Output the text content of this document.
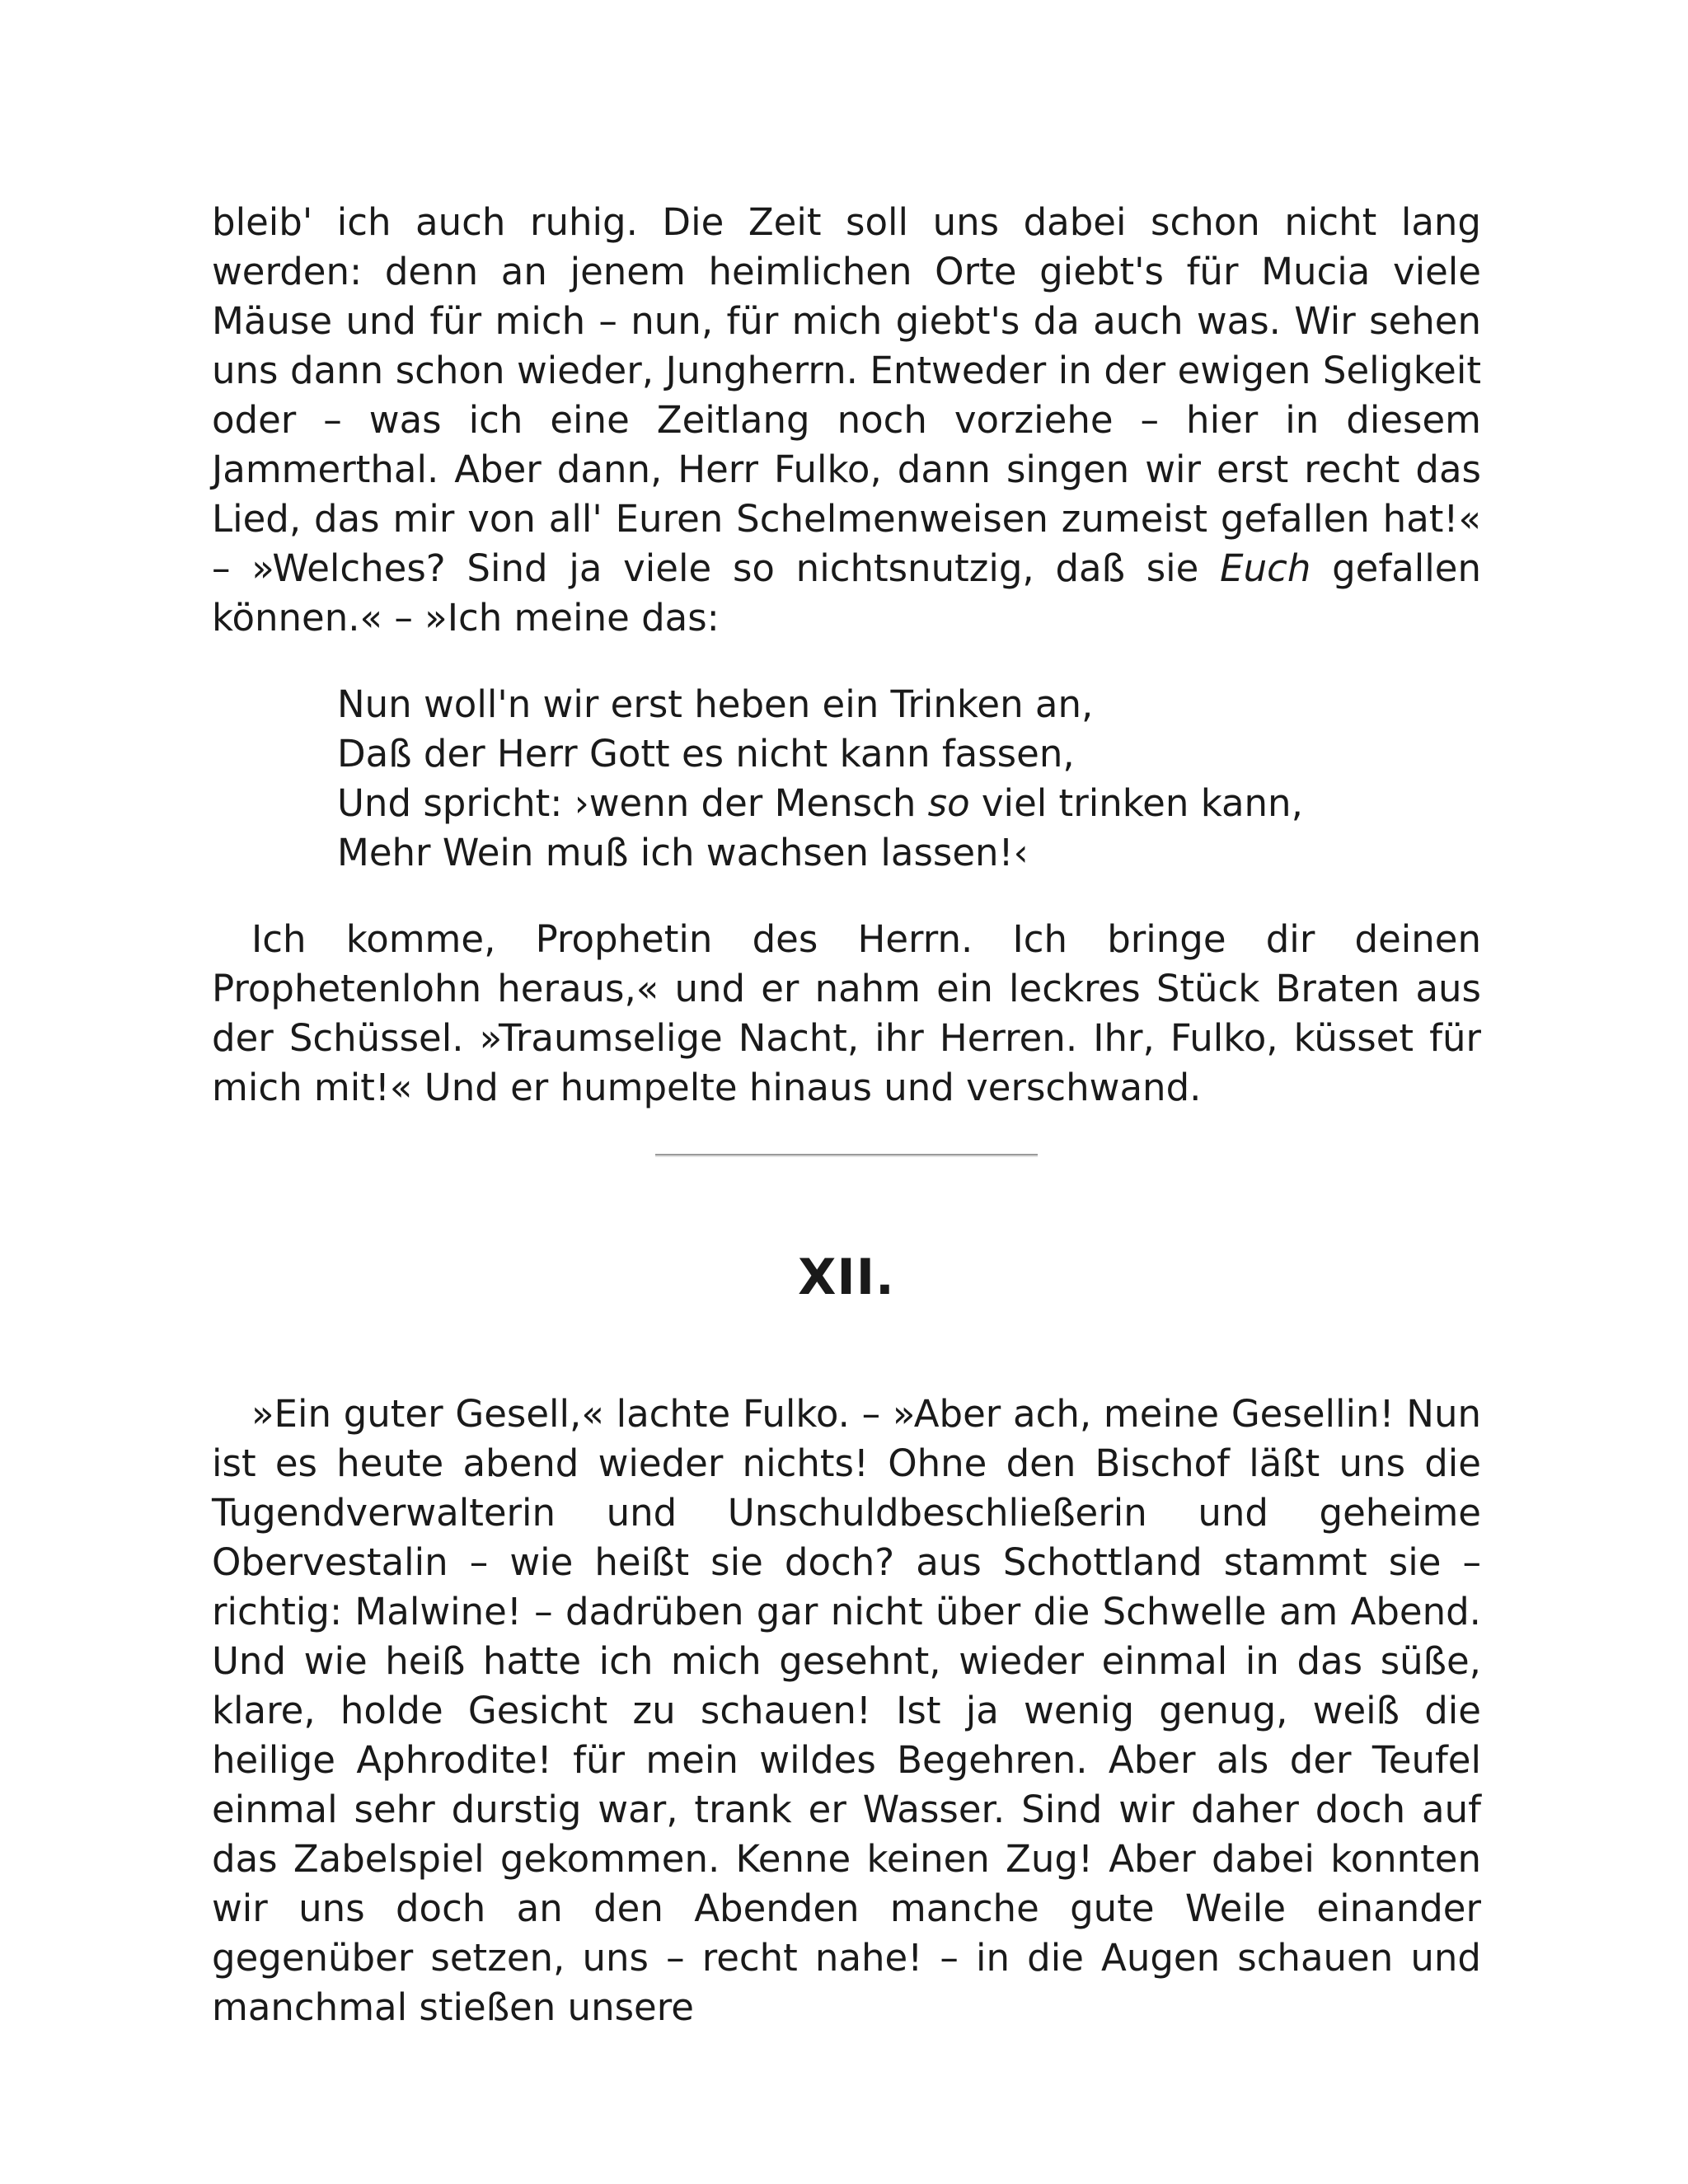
bleib' ich auch ruhig. Die Zeit soll uns dabei schon nicht lang werden: denn an jenem heimlichen Orte giebt's für Mucia viele Mäuse und für mich – nun, für mich giebt's da auch was. Wir sehen uns dann schon wieder, Jungherrn. Entweder in der ewigen Seligkeit oder – was ich eine Zeitlang noch vorziehe – hier in diesem Jammerthal. Aber dann, Herr Fulko, dann singen wir erst recht das Lied, das mir von all' Euren Schelmenweisen zumeist gefallen hat!« – »Welches? Sind ja viele so nichtsnutzig, daß sie Euch gefallen können.« – »Ich meine das:

Nun woll'n wir erst heben ein Trinken an,
Daß der Herr Gott es nicht kann fassen,
Und spricht: ›wenn der Mensch so viel trinken kann,
Mehr Wein muß ich wachsen lassen!‹

Ich komme, Prophetin des Herrn. Ich bringe dir deinen Prophetenlohn heraus,« und er nahm ein leckres Stück Braten aus der Schüssel. »Traumselige Nacht, ihr Herren. Ihr, Fulko, küsset für mich mit!« Und er humpelte hinaus und verschwand.

XII.

»Ein guter Gesell,« lachte Fulko. – »Aber ach, meine Gesellin! Nun ist es heute abend wieder nichts! Ohne den Bischof läßt uns die Tugendverwalterin und Unschuldbeschließerin und geheime Obervestalin – wie heißt sie doch? aus Schottland stammt sie – richtig: Malwine! – dadrüben gar nicht über die Schwelle am Abend. Und wie heiß hatte ich mich gesehnt, wieder einmal in das süße, klare, holde Gesicht zu schauen! Ist ja wenig genug, weiß die heilige Aphrodite! für mein wildes Begehren. Aber als der Teufel einmal sehr durstig war, trank er Wasser. Sind wir daher doch auf das Zabelspiel gekommen. Kenne keinen Zug! Aber dabei konnten wir uns doch an den Abenden manche gute Weile einander gegenüber setzen, uns – recht nahe! – in die Augen schauen und manchmal stießen unsere
